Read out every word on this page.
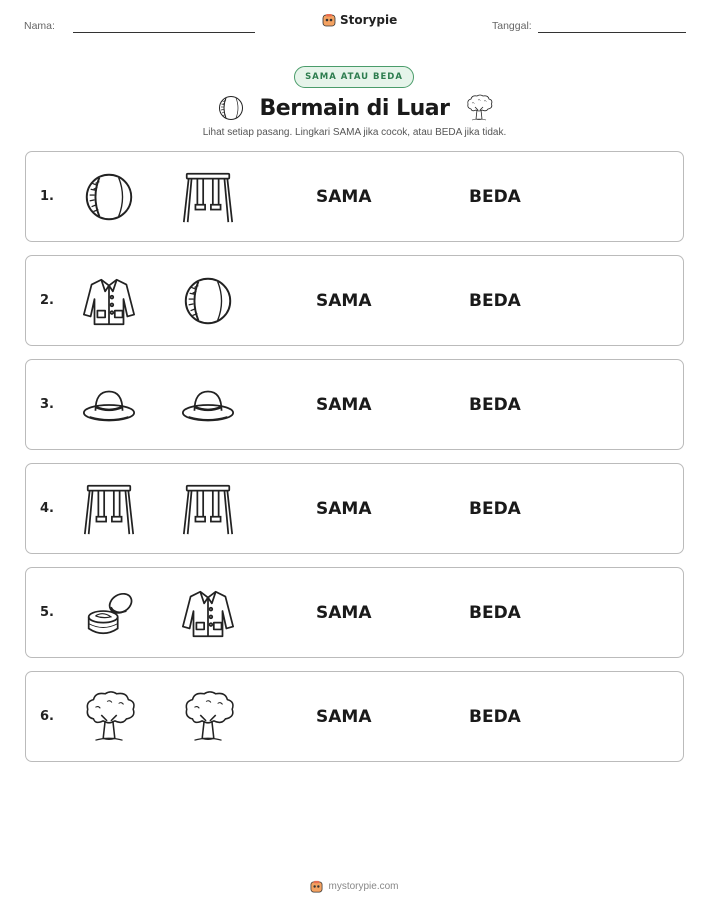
Nama:	Storypie	Tanggal:
SAMA ATAU BEDA
Bermain di Luar
Lihat setiap pasang. Lingkari SAMA jika cocok, atau BEDA jika tidak.
1.	SAMA	BEDA
2.	SAMA	BEDA
3.	SAMA	BEDA
4.	SAMA	BEDA
5.	SAMA	BEDA
6.	SAMA	BEDA
mystorypie.com
